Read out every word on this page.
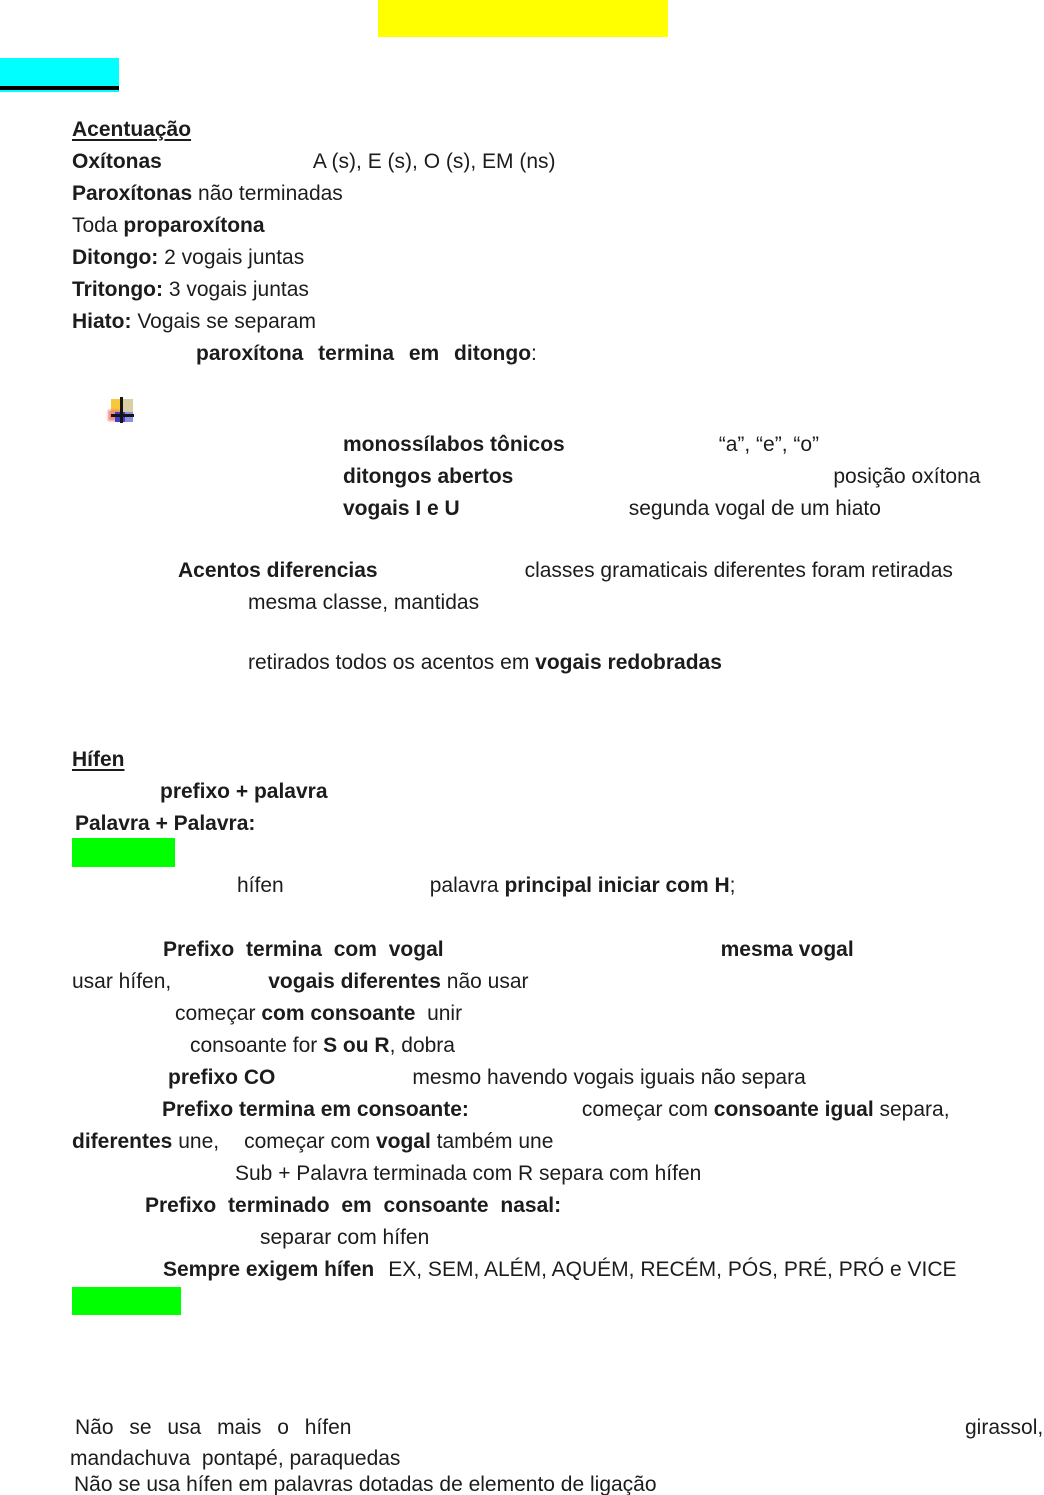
Acentuação
Oxítonas	A (s), E (s), O (s), EM (ns)
Paroxítonas não terminadas
Toda proparoxítona
Ditongo: 2 vogais juntas
Tritongo: 3 vogais juntas
Hiato: Vogais se separam
paroxítona termina em ditongo:
monossílabos tônicos	“a”, “e”, “o”
ditongos abertos	posição oxítona
vogais I e U	segunda vogal de um hiato
Acentos diferencias	classes gramaticais diferentes foram retiradas
mesma classe, mantidas
retirados todos os acentos em vogais redobradas
Hífen
prefixo + palavra
Palavra + Palavra:
hífen	palavra principal iniciar com H;
Prefixo termina com vogal	mesma vogal
usar hífen,	vogais diferentes não usar
começar com consoante  unir
consoante for S ou R, dobra
prefixo CO	mesmo havendo vogais iguais não separa
Prefixo termina em consoante:	começar com consoante igual separa,
diferentes une, começar com vogal também une
Sub + Palavra terminada com R separa com hífen
Prefixo terminado em consoante nasal:
separar com hífen
Sempre exigem hífen EX, SEM, ALÉM, AQUÉM, RECÉM, PÓS, PRÉ, PRÓ e VICE
Não se usa mais o hífen	girassol,
mandachuva  pontapé, paraquedas
Não se usa hífen em palavras dotadas de elemento de ligação
